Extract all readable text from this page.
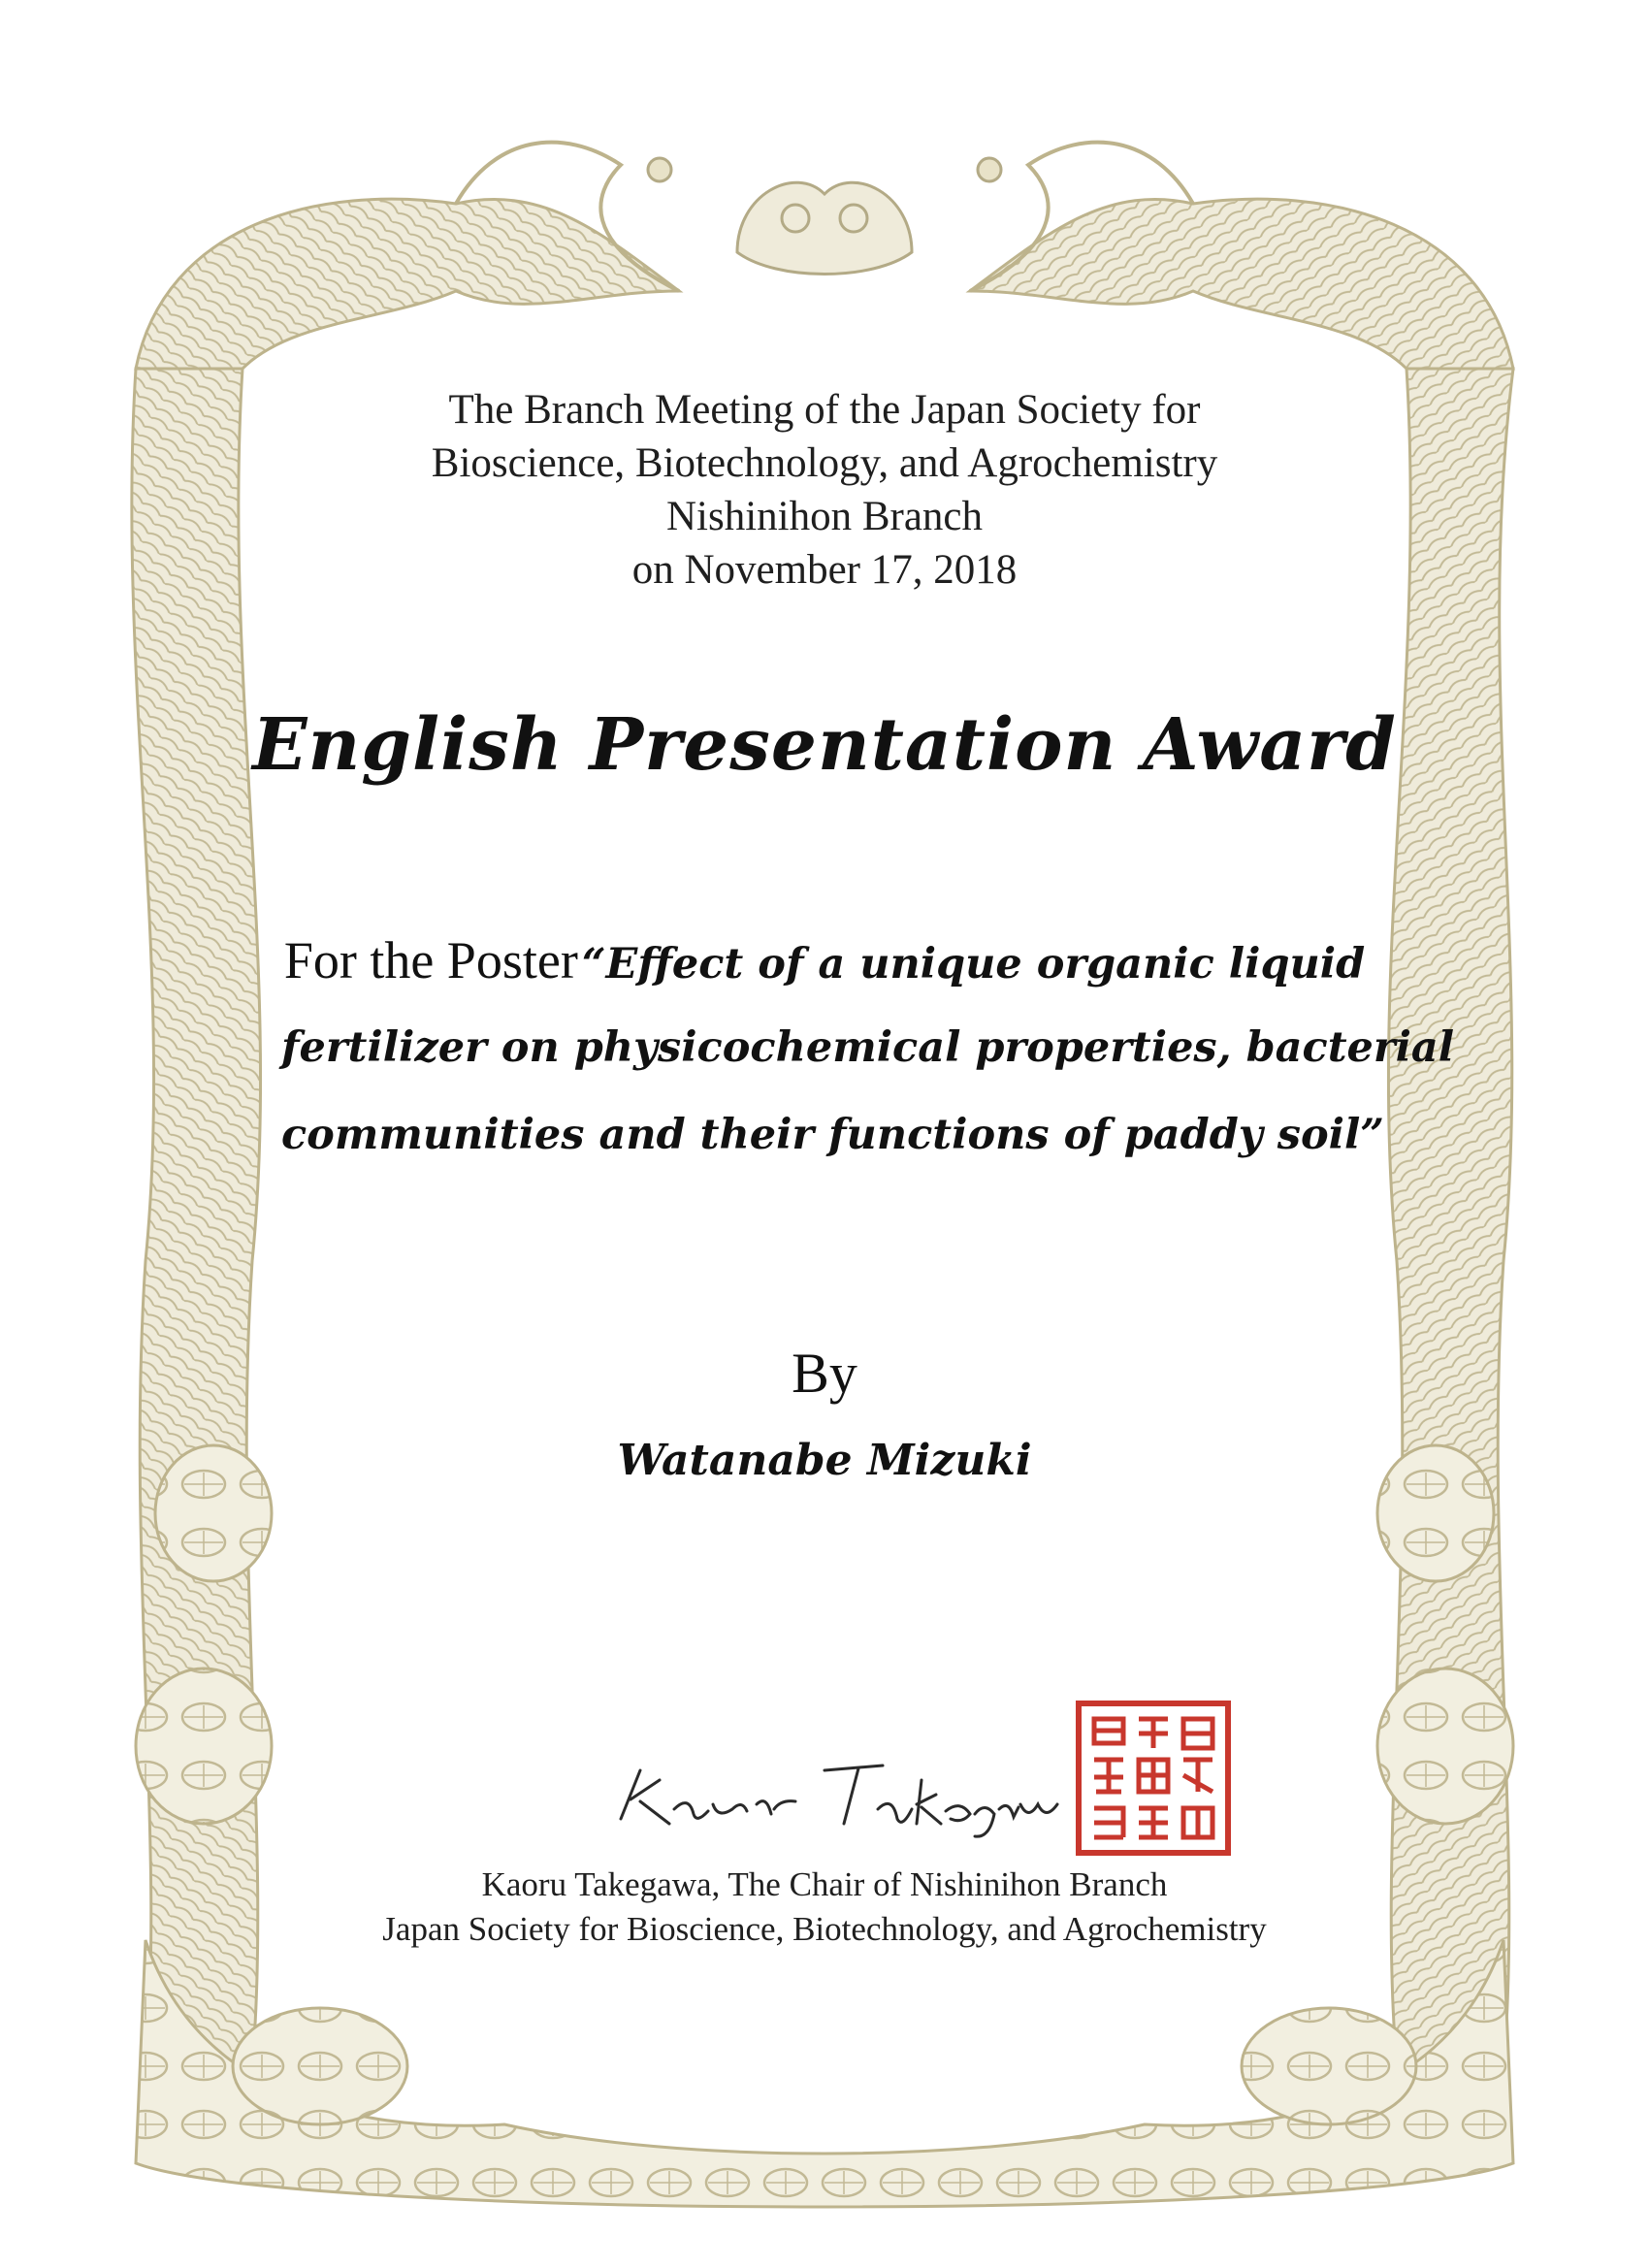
The Branch Meeting of the Japan Society for
Bioscience, Biotechnology, and Agrochemistry
Nishinihon Branch
on November 17, 2018
English Presentation Award
For the Poster “Effect of a unique organic liquid
fertilizer on physicochemical properties, bacterial
communities and their functions of paddy soil”
By
Watanabe Mizuki
Kaoru Takegawa, The Chair of Nishinihon Branch
Japan Society for Bioscience, Biotechnology, and Agrochemistry
